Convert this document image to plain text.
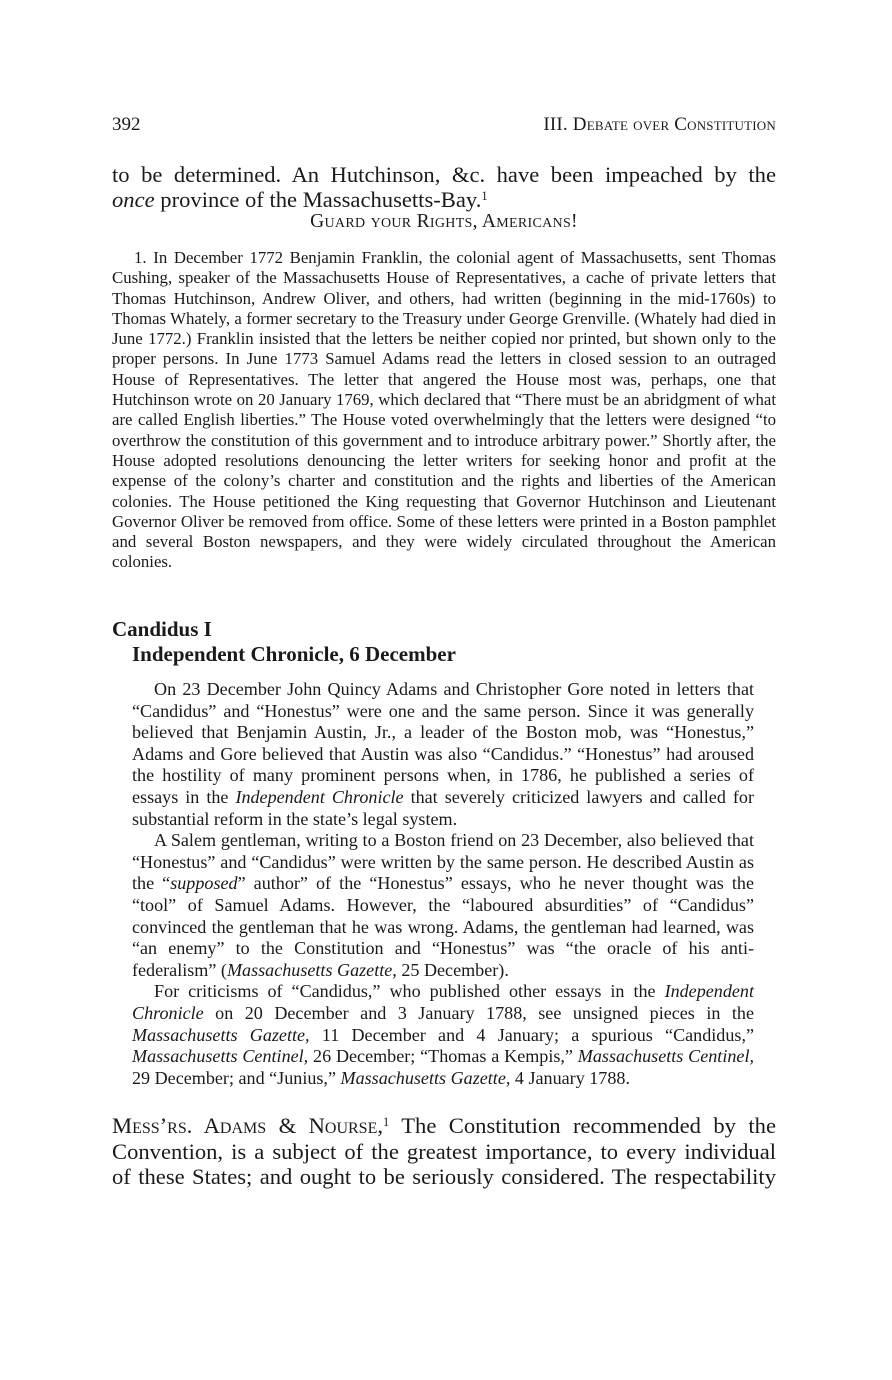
392	III. Debate over Constitution

to be determined. An Hutchinson, &c. have been impeached by the

once province of the Massachusetts-Bay.$^1$

Guard your Rights, Americans!

1. In December 1772 Benjamin Franklin, the colonial agent of Massachusetts, sent Thomas Cushing, speaker of the Massachusetts House of Representatives, a cache of private letters that Thomas Hutchinson, Andrew Oliver, and others, had written (beginning in the mid-1760s) to Thomas Whately, a former secretary to the Treasury under George Grenville. (Whately had died in June 1772.) Franklin insisted that the letters be neither copied nor printed, but shown only to the proper persons. In June 1773 Samuel Adams read the letters in closed session to an outraged House of Representatives. The letter that angered the House most was, perhaps, one that Hutchinson wrote on 20 January 1769, which declared that “There must be an abridgment of what are called English liberties.” The House voted overwhelmingly that the letters were designed “to overthrow the constitution of this government and to introduce arbitrary power.” Shortly after, the House adopted resolutions denouncing the letter writers for seeking honor and profit at the expense of the colony’s charter and constitution and the rights and liberties of the American colonies. The House petitioned the King requesting that Governor Hutchinson and Lieutenant Governor Oliver be removed from office. Some of these letters were printed in a Boston pamphlet and several Boston newspapers, and they were widely circulated throughout the American colonies.

Candidus I
Independent Chronicle, 6 December

On 23 December John Quincy Adams and Christopher Gore noted in letters that “Candidus” and “Honestus” were one and the same person. Since it was generally believed that Benjamin Austin, Jr., a leader of the Boston mob, was “Honestus,” Adams and Gore believed that Austin was also “Candidus.” “Honestus” had aroused the hostility of many prominent persons when, in 1786, he published a series of essays in the Independent Chronicle that severely criticized lawyers and called for substantial reform in the state’s legal system.

A Salem gentleman, writing to a Boston friend on 23 December, also believed that “Honestus” and “Candidus” were written by the same person. He described Austin as the “supposed” author” of the “Honestus” essays, who he never thought was the “tool” of Samuel Adams. However, the “laboured absurdities” of “Candidus” convinced the gentleman that he was wrong. Adams, the gentleman had learned, was “an enemy” to the Constitution and “Honestus” was “the oracle of his anti-federalism” (Massachusetts Gazette, 25 December).

For criticisms of “Candidus,” who published other essays in the Independent Chronicle on 20 December and 3 January 1788, see unsigned pieces in the Massachusetts Gazette, 11 December and 4 January; a spurious “Candidus,” Massachusetts Centinel, 26 December; “Thomas a Kempis,” Massachusetts Centinel, 29 December; and “Junius,” Massachusetts Gazette, 4 January 1788.

Mess’rs. Adams & Nourse,$^1$ The Constitution recommended by the Convention, is a subject of the greatest importance, to every individual of these States; and ought to be seriously considered. The respectability
